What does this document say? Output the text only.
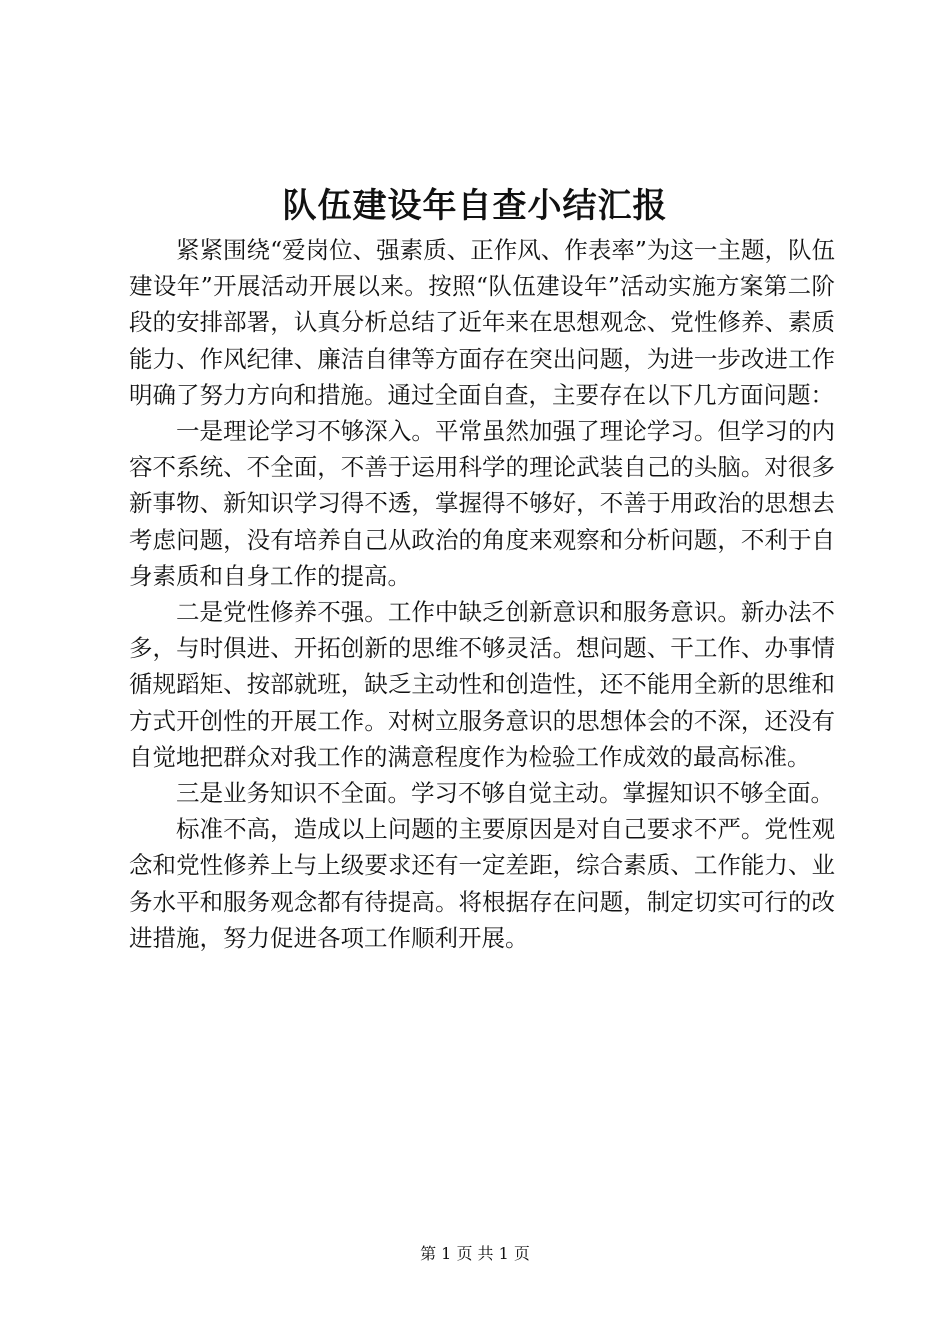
队伍建设年自查小结汇报

紧紧围绕“爱岗位、强素质、正作风、作表率”为这一主题，队伍建设年”开展活动开展以来。按照“队伍建设年”活动实施方案第二阶段的安排部署，认真分析总结了近年来在思想观念、党性修养、素质能力、作风纪律、廉洁自律等方面存在突出问题，为进一步改进工作明确了努力方向和措施。通过全面自查，主要存在以下几方面问题：

一是理论学习不够深入。平常虽然加强了理论学习。但学习的内容不系统、不全面，不善于运用科学的理论武装自己的头脑。对很多新事物、新知识学习得不透，掌握得不够好，不善于用政治的思想去考虑问题，没有培养自己从政治的角度来观察和分析问题，不利于自身素质和自身工作的提高。

二是党性修养不强。工作中缺乏创新意识和服务意识。新办法不多，与时俱进、开拓创新的思维不够灵活。想问题、干工作、办事情循规蹈矩、按部就班，缺乏主动性和创造性，还不能用全新的思维和方式开创性的开展工作。对树立服务意识的思想体会的不深，还没有自觉地把群众对我工作的满意程度作为检验工作成效的最高标准。

三是业务知识不全面。学习不够自觉主动。掌握知识不够全面。

标准不高，造成以上问题的主要原因是对自己要求不严。党性观念和党性修养上与上级要求还有一定差距，综合素质、工作能力、业务水平和服务观念都有待提高。将根据存在问题，制定切实可行的改进措施，努力促进各项工作顺利开展。

第 1 页 共 1 页
